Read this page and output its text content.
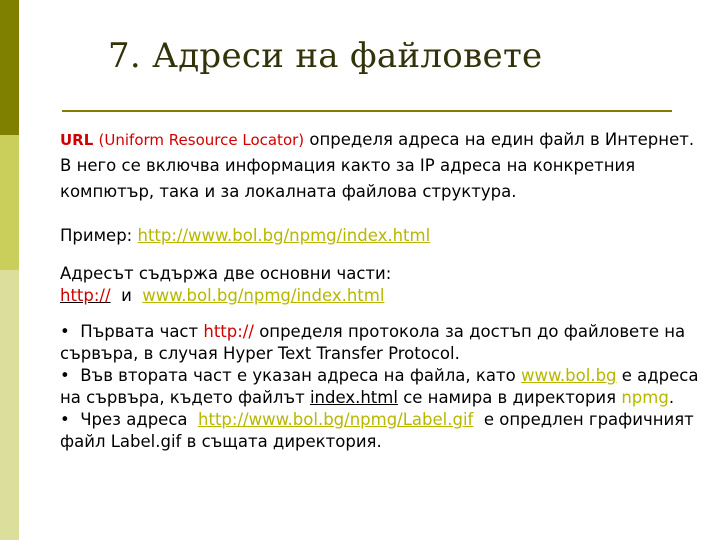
7. Адреси на файловете

URL (Uniform Resource Locator) определя адреса на един файл в Интернет. В него се включва информация както за IP адреса на конкретния компютър, така и за локалната файлова структура.

Пример: http://www.bol.bg/npmg/index.html

Адресът съдържа две основни части:
http:// и www.bol.bg/npmg/index.html

• Първата част http:// определя протокола за достъп до файловете на сървъра, в случая Hyper Text Transfer Protocol.

• Във втората част е указан адреса на файла, като www.bol.bg е адреса на сървъра, където файлът index.html се намира в директория npmg.

• Чрез адреса http://www.bol.bg/npmg/Label.gif е опредлен графичният файл Label.gif в същата директория.
